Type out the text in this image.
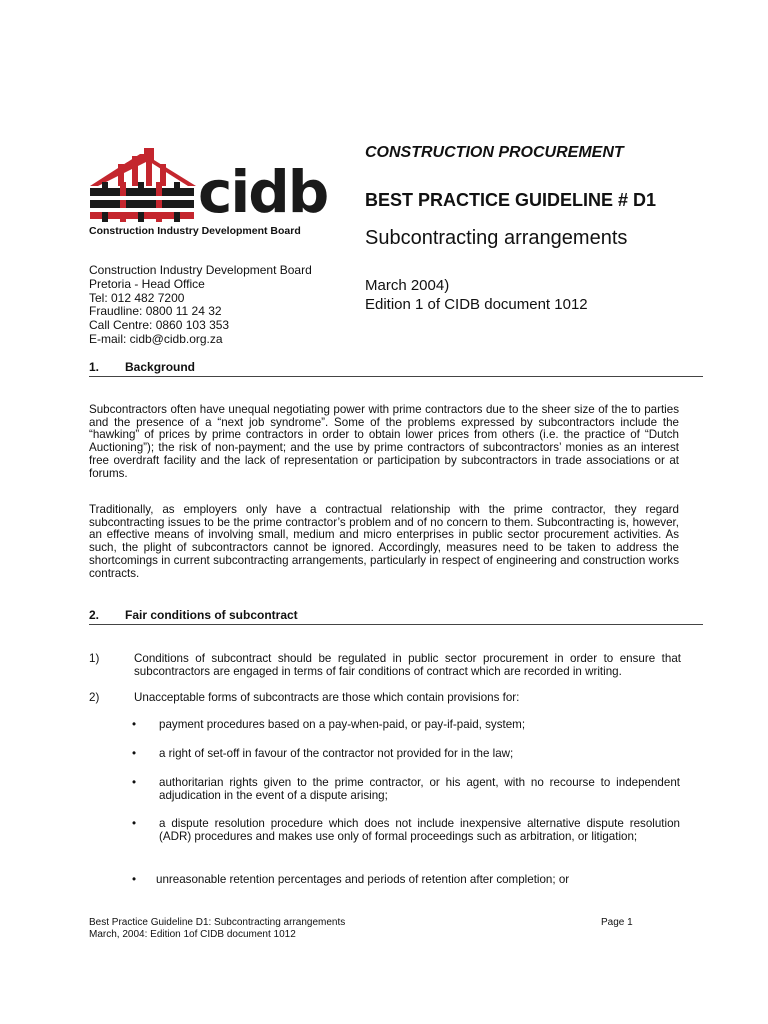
cidb
Construction Industry Development Board
CONSTRUCTION PROCUREMENT
BEST PRACTICE GUIDELINE # D1
Subcontracting arrangements
March 2004)
Edition 1 of CIDB document 1012
Construction Industry Development Board
Pretoria - Head Office
Tel: 012 482 7200
Fraudline: 0800 11 24 32
Call Centre: 0860 103 353
E-mail: cidb@cidb.org.za
1. Background
Subcontractors often have unequal negotiating power with prime contractors due to the sheer size of the to parties and the presence of a “next job syndrome”. Some of the problems expressed by subcontractors include the “hawking” of prices by prime contractors in order to obtain lower prices from others (i.e. the practice of “Dutch Auctioning”); the risk of non-payment; and the use by prime contractors of subcontractors’ monies as an interest free overdraft facility and the lack of representation or participation by subcontractors in trade associations or at forums.
Traditionally, as employers only have a contractual relationship with the prime contractor, they regard subcontracting issues to be the prime contractor’s problem and of no concern to them. Subcontracting is, however, an effective means of involving small, medium and micro enterprises in public sector procurement activities. As such, the plight of subcontractors cannot be ignored. Accordingly, measures need to be taken to address the shortcomings in current subcontracting arrangements, particularly in respect of engineering and construction works contracts.
2. Fair conditions of subcontract
1)	Conditions of subcontract should be regulated in public sector procurement in order to ensure that subcontractors are engaged in terms of fair conditions of contract which are recorded in writing.
2)	Unacceptable forms of subcontracts are those which contain provisions for:
• payment procedures based on a pay-when-paid, or pay-if-paid, system;
• a right of set-off in favour of the contractor not provided for in the law;
• authoritarian rights given to the prime contractor, or his agent, with no recourse to independent adjudication in the event of a dispute arising;
• a dispute resolution procedure which does not include inexpensive alternative dispute resolution (ADR) procedures and makes use only of formal proceedings such as arbitration, or litigation;
• unreasonable retention percentages and periods of retention after completion; or
Best Practice Guideline D1: Subcontracting arrangements
March, 2004: Edition 1of CIDB document 1012
Page 1
